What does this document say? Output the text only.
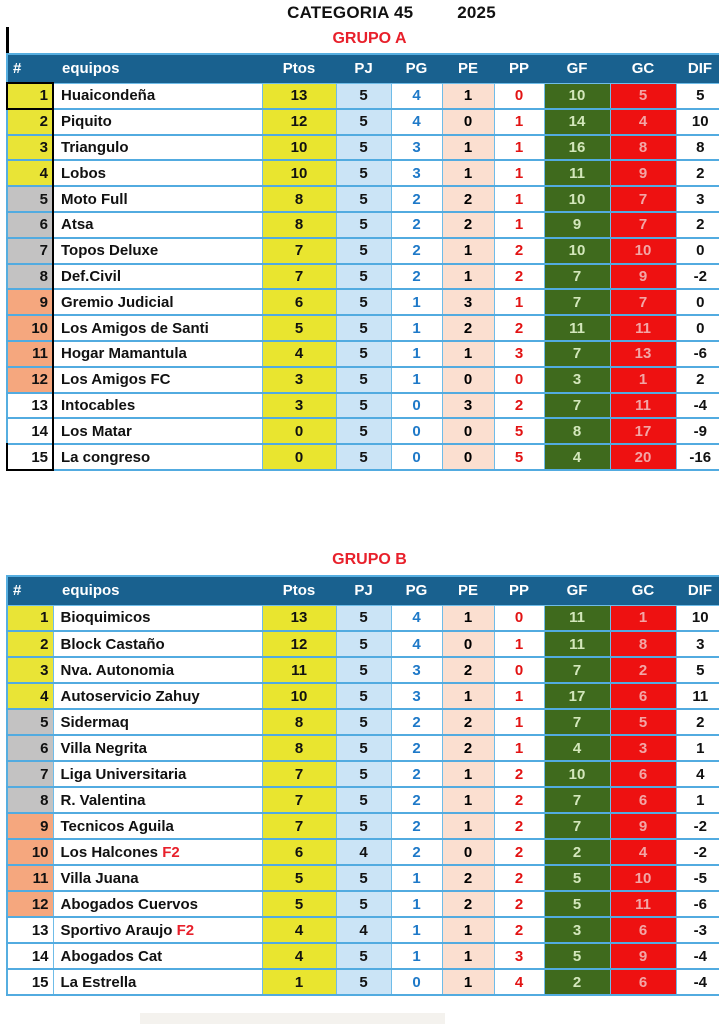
CATEGORIA 45	2025
GRUPO A
#	equipos	Ptos	PJ	PG	PE	PP	GF	GC	DIF
1	Huaicondeña	13	5	4	1	0	10	5	5
2	Piquito	12	5	4	0	1	14	4	10
3	Triangulo	10	5	3	1	1	16	8	8
4	Lobos	10	5	3	1	1	11	9	2
5	Moto Full	8	5	2	2	1	10	7	3
6	Atsa	8	5	2	2	1	9	7	2
7	Topos Deluxe	7	5	2	1	2	10	10	0
8	Def.Civil	7	5	2	1	2	7	9	-2
9	Gremio Judicial	6	5	1	3	1	7	7	0
10	Los Amigos de Santi	5	5	1	2	2	11	11	0
11	Hogar Mamantula	4	5	1	1	3	7	13	-6
12	Los Amigos FC	3	5	1	0	0	3	1	2
13	Intocables	3	5	0	3	2	7	11	-4
14	Los Matar	0	5	0	0	5	8	17	-9
15	La congreso	0	5	0	0	5	4	20	-16
GRUPO B
#	equipos	Ptos	PJ	PG	PE	PP	GF	GC	DIF
1	Bioquimicos	13	5	4	1	0	11	1	10
2	Block Castaño	12	5	4	0	1	11	8	3
3	Nva. Autonomia	11	5	3	2	0	7	2	5
4	Autoservicio Zahuy	10	5	3	1	1	17	6	11
5	Sidermaq	8	5	2	2	1	7	5	2
6	Villa Negrita	8	5	2	2	1	4	3	1
7	Liga Universitaria	7	5	2	1	2	10	6	4
8	R. Valentina	7	5	2	1	2	7	6	1
9	Tecnicos Aguila	7	5	2	1	2	7	9	-2
10	Los Halcones F2	6	4	2	0	2	2	4	-2
11	Villa Juana	5	5	1	2	2	5	10	-5
12	Abogados Cuervos	5	5	1	2	2	5	11	-6
13	Sportivo Araujo F2	4	4	1	1	2	3	6	-3
14	Abogados Cat	4	5	1	1	3	5	9	-4
15	La Estrella	1	5	0	1	4	2	6	-4
